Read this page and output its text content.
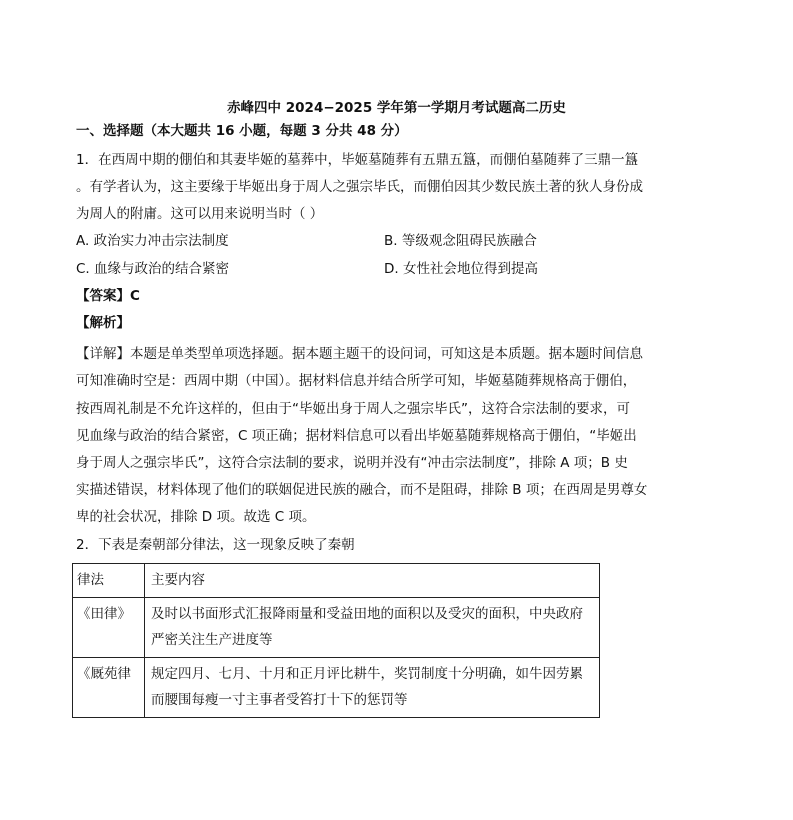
赤峰四中 2024−2025 学年第一学期月考试题高二历史
一、选择题（本大题共 16 小题，每题 3 分共 48 分）
1．在西周中期的倗伯和其妻毕姬的墓葬中，毕姬墓随葬有五鼎五簋，而倗伯墓随葬了三鼎一簋
。有学者认为，这主要缘于毕姬出身于周人之强宗毕氏，而倗伯因其少数民族土著的狄人身份成
为周人的附庸。这可以用来说明当时（ ）
A. 政治实力冲击宗法制度	B. 等级观念阻碍民族融合
C. 血缘与政治的结合紧密	D. 女性社会地位得到提高
【答案】C
【解析】
【详解】本题是单类型单项选择题。据本题主题干的设问词，可知这是本质题。据本题时间信息
可知准确时空是：西周中期（中国）。据材料信息并结合所学可知，毕姬墓随葬规格高于倗伯，
按西周礼制是不允许这样的，但由于“毕姬出身于周人之强宗毕氏”，这符合宗法制的要求，可
见血缘与政治的结合紧密，C 项正确；据材料信息可以看出毕姬墓随葬规格高于倗伯，“毕姬出
身于周人之强宗毕氏”，这符合宗法制的要求，说明并没有“冲击宗法制度”，排除 A 项；B 史
实描述错误，材料体现了他们的联姻促进民族的融合，而不是阻碍，排除 B 项；在西周是男尊女
卑的社会状况，排除 D 项。故选 C 项。
2．下表是秦朝部分律法，这一现象反映了秦朝
律法	主要内容
《田律》	及时以书面形式汇报降雨量和受益田地的面积以及受灾的面积，中央政府
严密关注生产进度等

《厩苑律	规定四月、七月、十月和正月评比耕牛，奖罚制度十分明确，如牛因劳累
而腰围每瘦一寸主事者受笞打十下的惩罚等
